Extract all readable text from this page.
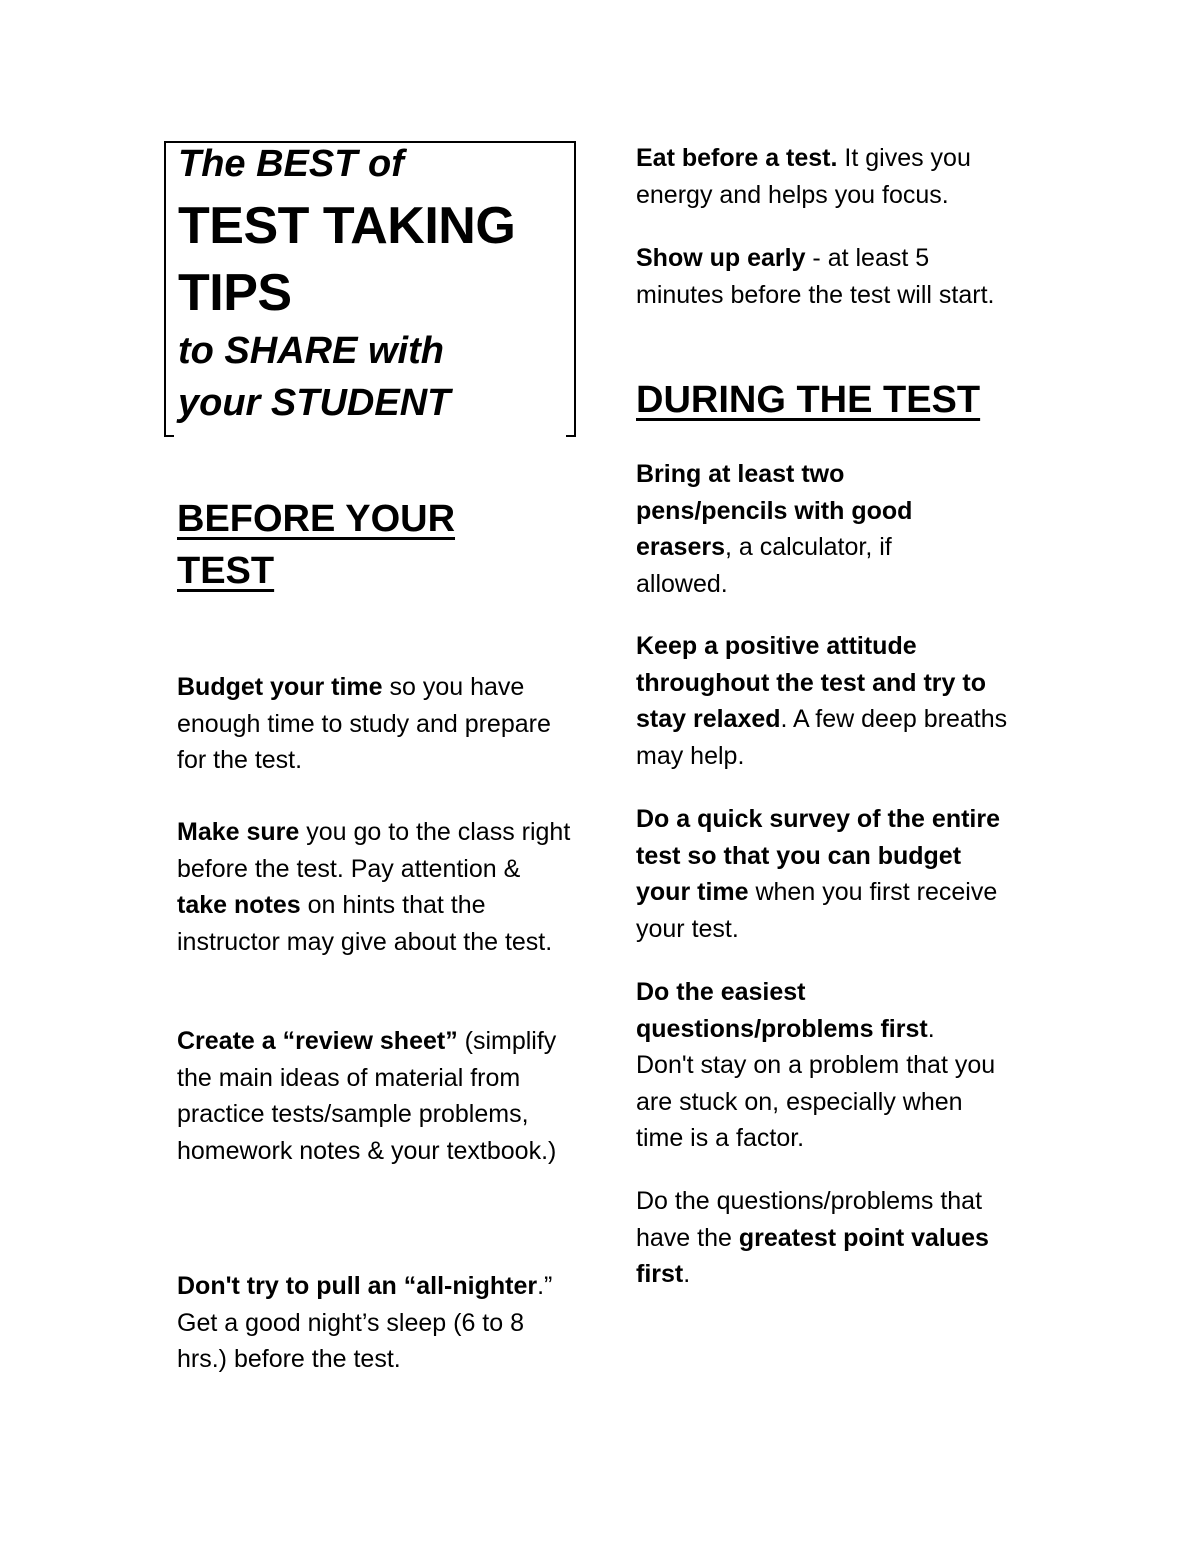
The BEST of

TEST TAKING

TIPS

to SHARE with

your STUDENT

BEFORE YOUR
TEST

Budget your time so you have enough time to study and prepare for the test.

Make sure you go to the class right before the test. Pay attention & take notes on hints that the instructor may give about the test.

Create a “review sheet” (simplify the main ideas of material from practice tests/sample problems, homework notes & your textbook.)

Don't try to pull an “all-nighter.” Get a good night’s sleep (6 to 8 hrs.) before the test.

Eat before a test. It gives you energy and helps you focus.

Show up early - at least 5 minutes before the test will start.

DURING THE TEST

Bring at least two pens/pencils with good erasers, a calculator, if allowed.

Keep a positive attitude throughout the test and try to stay relaxed. A few deep breaths may help.

Do a quick survey of the entire test so that you can budget your time when you first receive your test.

Do the easiest questions/problems first. Don't stay on a problem that you are stuck on, especially when time is a factor.

Do the questions/problems that have the greatest point values first.
